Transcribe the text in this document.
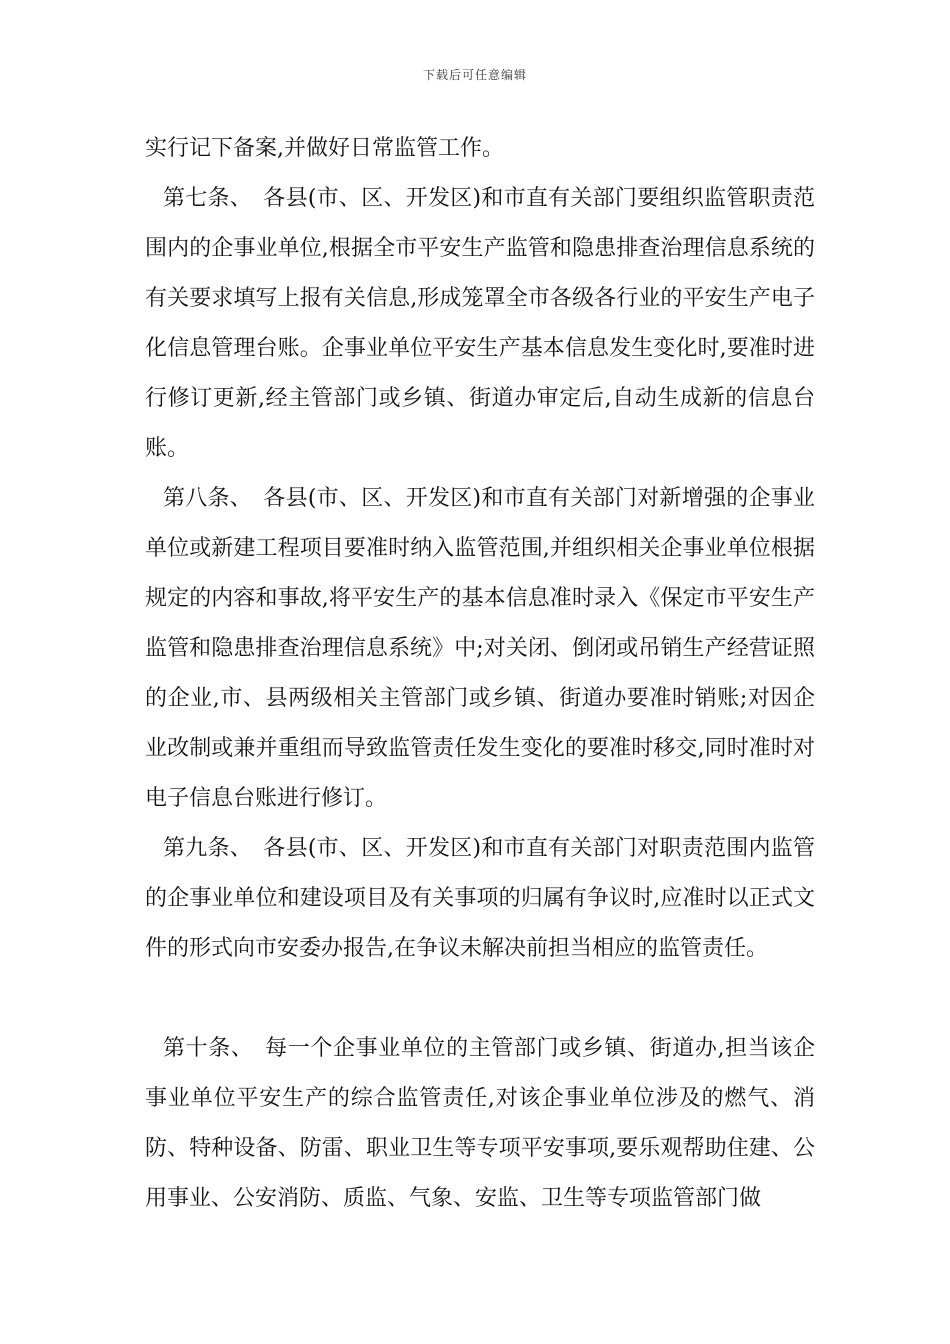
下载后可任意编辑

实行记下备案,并做好日常监管工作。

第七条、　各县(市、区、开发区)和市直有关部门要组织监管职责范围内的企事业单位,根据全市平安生产监管和隐患排查治理信息系统的有关要求填写上报有关信息,形成笼罩全市各级各行业的平安生产电子化信息管理台账。企事业单位平安生产基本信息发生变化时,要准时进行修订更新,经主管部门或乡镇、街道办审定后,自动生成新的信息台账。

第八条、　各县(市、区、开发区)和市直有关部门对新增强的企事业单位或新建工程项目要准时纳入监管范围,并组织相关企事业单位根据规定的内容和事故,将平安生产的基本信息准时录入《保定市平安生产监管和隐患排查治理信息系统》中;对关闭、倒闭或吊销生产经营证照的企业,市、县两级相关主管部门或乡镇、街道办要准时销账;对因企业改制或兼并重组而导致监管责任发生变化的要准时移交,同时准时对电子信息台账进行修订。

第九条、　各县(市、区、开发区)和市直有关部门对职责范围内监管的企事业单位和建设项目及有关事项的归属有争议时,应准时以正式文件的形式向市安委办报告,在争议未解决前担当相应的监管责任。

第十条、　每一个企事业单位的主管部门或乡镇、街道办,担当该企事业单位平安生产的综合监管责任,对该企事业单位涉及的燃气、消防、特种设备、防雷、职业卫生等专项平安事项,要乐观帮助住建、公用事业、公安消防、质监、气象、安监、卫生等专项监管部门做
